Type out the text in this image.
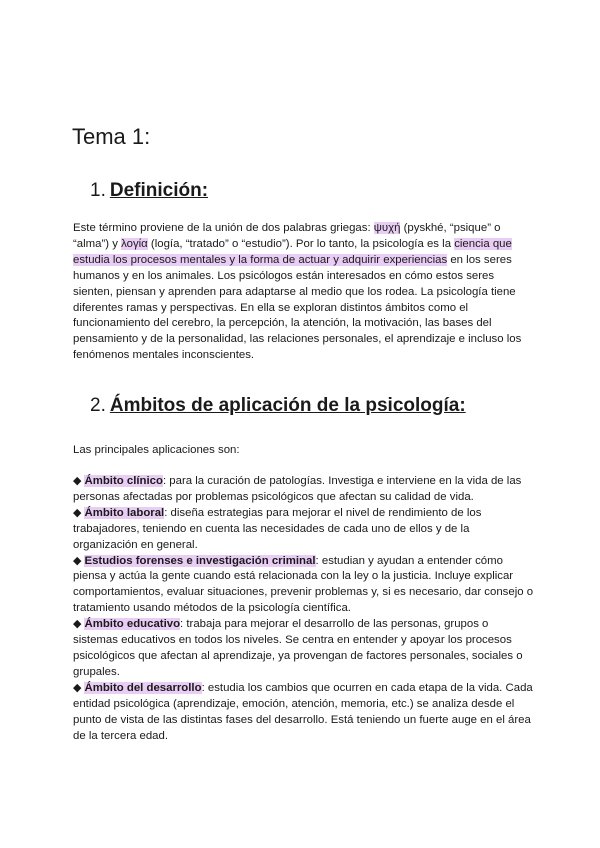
Tema 1:
1. Definición:

Este término proviene de la unión de dos palabras griegas: ψυχή (pyskhé, “psique” o “alma”) y λογία (logía, “tratado” o “estudio”). Por lo tanto, la psicología es la ciencia que estudia los procesos mentales y la forma de actuar y adquirir experiencias en los seres humanos y en los animales. Los psicólogos están interesados en cómo estos seres sienten, piensan y aprenden para adaptarse al medio que los rodea. La psicología tiene diferentes ramas y perspectivas. En ella se exploran distintos ámbitos como el funcionamiento del cerebro, la percepción, la atención, la motivación, las bases del pensamiento y de la personalidad, las relaciones personales, el aprendizaje e incluso los fenómenos mentales inconscientes.

2. Ámbitos de aplicación de la psicología:

Las principales aplicaciones son:

◆ Ámbito clínico: para la curación de patologías. Investiga e interviene en la vida de las personas afectadas por problemas psicológicos que afectan su calidad de vida.

◆ Ámbito laboral: diseña estrategias para mejorar el nivel de rendimiento de los trabajadores, teniendo en cuenta las necesidades de cada uno de ellos y de la organización en general.

◆ Estudios forenses e investigación criminal: estudian y ayudan a entender cómo piensa y actúa la gente cuando está relacionada con la ley o la justicia. Incluye explicar comportamientos, evaluar situaciones, prevenir problemas y, si es necesario, dar consejo o tratamiento usando métodos de la psicología científica.

◆ Ámbito educativo: trabaja para mejorar el desarrollo de las personas, grupos o sistemas educativos en todos los niveles. Se centra en entender y apoyar los procesos psicológicos que afectan al aprendizaje, ya provengan de factores personales, sociales o grupales.

◆ Ámbito del desarrollo: estudia los cambios que ocurren en cada etapa de la vida. Cada entidad psicológica (aprendizaje, emoción, atención, memoria, etc.) se analiza desde el punto de vista de las distintas fases del desarrollo. Está teniendo un fuerte auge en el área de la tercera edad.
